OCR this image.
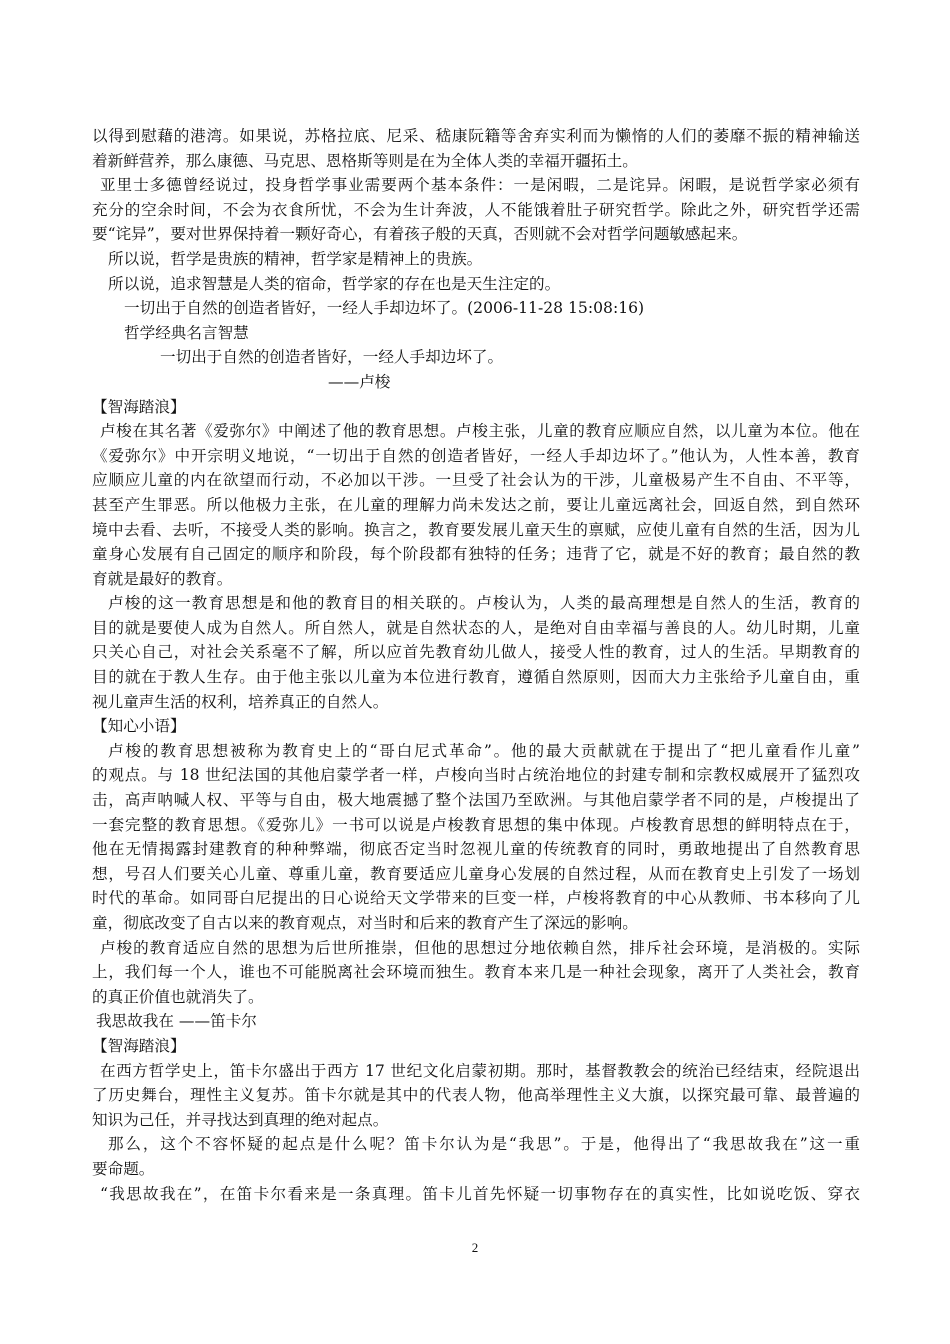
以得到慰藉的港湾。如果说，苏格拉底、尼采、嵇康阮籍等舍弃实利而为懒惰的人们的萎靡不振的精神输送
着新鲜营养，那么康德、马克思、恩格斯等则是在为全体人类的幸福开疆拓土。
亚里士多德曾经说过，投身哲学事业需要两个基本条件：一是闲暇，二是诧异。闲暇，是说哲学家必须有
充分的空余时间，不会为衣食所忧，不会为生计奔波，人不能饿着肚子研究哲学。除此之外，研究哲学还需
要“诧异”，要对世界保持着一颗好奇心，有着孩子般的天真，否则就不会对哲学问题敏感起来。
所以说，哲学是贵族的精神，哲学家是精神上的贵族。
所以说，追求智慧是人类的宿命，哲学家的存在也是天生注定的。
一切出于自然的创造者皆好，一经人手却边坏了。(2006-11-28 15:08:16)
哲学经典名言智慧
一切出于自然的创造者皆好，一经人手却边坏了。
——卢梭
【智海踏浪】
卢梭在其名著《爱弥尔》中阐述了他的教育思想。卢梭主张，儿童的教育应顺应自然，以儿童为本位。他在
《爱弥尔》中开宗明义地说，“一切出于自然的创造者皆好，一经人手却边坏了。”他认为，人性本善，教育
应顺应儿童的内在欲望而行动，不必加以干涉。一旦受了社会认为的干涉，儿童极易产生不自由、不平等，
甚至产生罪恶。所以他极力主张，在儿童的理解力尚未发达之前，要让儿童远离社会，回返自然，到自然环
境中去看、去听，不接受人类的影响。换言之，教育要发展儿童天生的禀赋，应使儿童有自然的生活，因为儿
童身心发展有自己固定的顺序和阶段，每个阶段都有独特的任务；违背了它，就是不好的教育；最自然的教
育就是最好的教育。
卢梭的这一教育思想是和他的教育目的相关联的。卢梭认为，人类的最高理想是自然人的生活，教育的
目的就是要使人成为自然人。所自然人，就是自然状态的人，是绝对自由幸福与善良的人。幼儿时期，儿童
只关心自己，对社会关系毫不了解，所以应首先教育幼儿做人，接受人性的教育，过人的生活。早期教育的
目的就在于教人生存。由于他主张以儿童为本位进行教育，遵循自然原则，因而大力主张给予儿童自由，重
视儿童声生活的权利，培养真正的自然人。
【知心小语】
卢梭的教育思想被称为教育史上的“哥白尼式革命”。他的最大贡献就在于提出了“把儿童看作儿童”
的观点。与 18 世纪法国的其他启蒙学者一样，卢梭向当时占统治地位的封建专制和宗教权威展开了猛烈攻
击，高声呐喊人权、平等与自由，极大地震撼了整个法国乃至欧洲。与其他启蒙学者不同的是，卢梭提出了
一套完整的教育思想。《爱弥儿》一书可以说是卢梭教育思想的集中体现。卢梭教育思想的鲜明特点在于，
他在无情揭露封建教育的种种弊端，彻底否定当时忽视儿童的传统教育的同时，勇敢地提出了自然教育思
想，号召人们要关心儿童、尊重儿童，教育要适应儿童身心发展的自然过程，从而在教育史上引发了一场划
时代的革命。如同哥白尼提出的日心说给天文学带来的巨变一样，卢梭将教育的中心从教师、书本移向了儿
童，彻底改变了自古以来的教育观点，对当时和后来的教育产生了深远的影响。
卢梭的教育适应自然的思想为后世所推崇，但他的思想过分地依赖自然，排斥社会环境，是消极的。实际
上，我们每一个人，谁也不可能脱离社会环境而独生。教育本来几是一种社会现象，离开了人类社会，教育
的真正价值也就消失了。
我思故我在 ——笛卡尔
【智海踏浪】
在西方哲学史上，笛卡尔盛出于西方 17 世纪文化启蒙初期。那时，基督教教会的统治已经结束，经院退出
了历史舞台，理性主义复苏。笛卡尔就是其中的代表人物，他高举理性主义大旗，以探究最可靠、最普遍的
知识为己任，并寻找达到真理的绝对起点。
那么，这个不容怀疑的起点是什么呢？笛卡尔认为是“我思”。于是，他得出了“我思故我在”这一重
要命题。
“我思故我在”，在笛卡尔看来是一条真理。笛卡儿首先怀疑一切事物存在的真实性，比如说吃饭、穿衣
2
